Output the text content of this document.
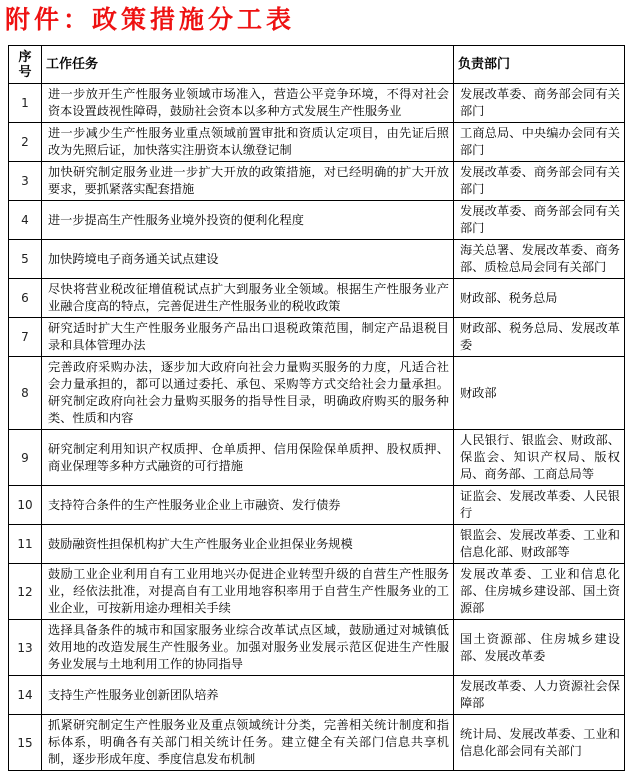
附件：政策措施分工表
序
号	工作任务	负责部门
1	进一步放开生产性服务业领域市场准入，营造公平竞争环境，不得对社会资本设置歧视性障碍，鼓励社会资本以多种方式发展生产性服务业	发展改革委、商务部会同有关部门
2	进一步减少生产性服务业重点领域前置审批和资质认定项目，由先证后照改为先照后证，加快落实注册资本认缴登记制	工商总局、中央编办会同有关部门
3	加快研究制定服务业进一步扩大开放的政策措施，对已经明确的扩大开放要求，要抓紧落实配套措施	发展改革委、商务部会同有关部门
4	进一步提高生产性服务业境外投资的便利化程度	发展改革委、商务部会同有关部门
5	加快跨境电子商务通关试点建设	海关总署、发展改革委、商务部、质检总局会同有关部门
6	尽快将营业税改征增值税试点扩大到服务业全领域。根据生产性服务业产业融合度高的特点，完善促进生产性服务业的税收政策	财政部、税务总局
7	研究适时扩大生产性服务业服务产品出口退税政策范围，制定产品退税目录和具体管理办法	财政部、税务总局、发展改革委
8	完善政府采购办法，逐步加大政府向社会力量购买服务的力度，凡适合社会力量承担的，都可以通过委托、承包、采购等方式交给社会力量承担。研究制定政府向社会力量购买服务的指导性目录，明确政府购买的服务种类、性质和内容	财政部
9	研究制定利用知识产权质押、仓单质押、信用保险保单质押、股权质押、商业保理等多种方式融资的可行措施	人民银行、银监会、财政部、保监会、知识产权局、版权局、商务部、工商总局等
10	支持符合条件的生产性服务业企业上市融资、发行债券	证监会、发展改革委、人民银行
11	鼓励融资性担保机构扩大生产性服务业企业担保业务规模	银监会、发展改革委、工业和信息化部、财政部等
12	鼓励工业企业利用自有工业用地兴办促进企业转型升级的自营生产性服务业，经依法批准，对提高自有工业用地容积率用于自营生产性服务业的工业企业，可按新用途办理相关手续	发展改革委、工业和信息化部、住房城乡建设部、国土资源部
13	选择具备条件的城市和国家服务业综合改革试点区域，鼓励通过对城镇低效用地的改造发展生产性服务业。加强对服务业发展示范区促进生产性服务业发展与土地利用工作的协同指导	国土资源部、住房城乡建设部、发展改革委
14	支持生产性服务业创新团队培养	发展改革委、人力资源社会保障部
15	抓紧研究制定生产性服务业及重点领域统计分类，完善相关统计制度和指标体系，明确各有关部门相关统计任务。建立健全有关部门信息共享机制，逐步形成年度、季度信息发布机制	统计局、发展改革委、工业和信息化部会同有关部门
